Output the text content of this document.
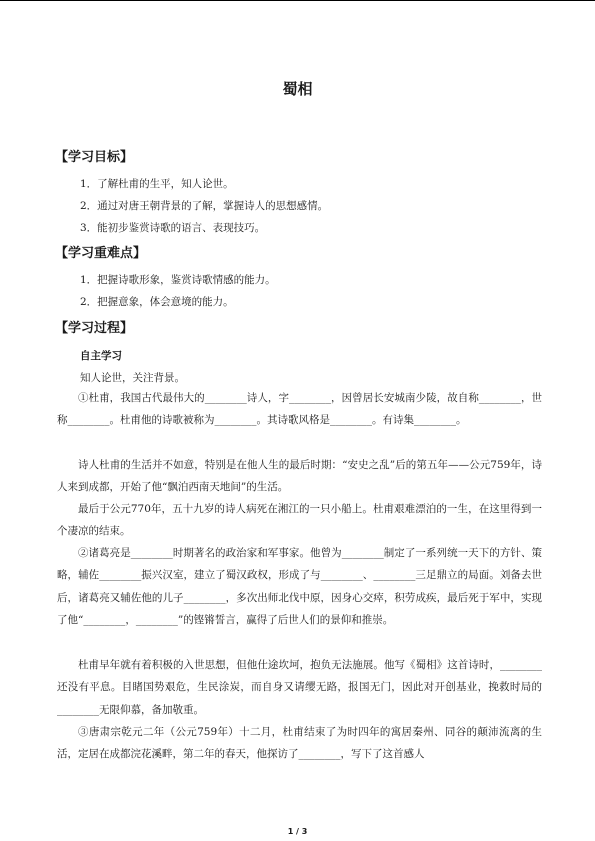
蜀相
【学习目标】
1．了解杜甫的生平，知人论世。
2．通过对唐王朝背景的了解，掌握诗人的思想感情。
3．能初步鉴赏诗歌的语言、表现技巧。
【学习重难点】
1．把握诗歌形象，鉴赏诗歌情感的能力。
2．把握意象，体会意境的能力。
【学习过程】
自主学习
知人论世，关注背景。

①杜甫，我国古代最伟大的________诗人，字________，因曾居长安城南少陵，故自称________，世称________。杜甫他的诗歌被称为________。其诗歌风格是________。有诗集________。

诗人杜甫的生活并不如意，特别是在他人生的最后时期：“安史之乱”后的第五年——公元759年，诗人来到成都，开始了他“飘泊西南天地间”的生活。

最后于公元770年，五十九岁的诗人病死在湘江的一只小船上。杜甫艰难漂泊的一生，在这里得到一个凄凉的结束。

②诸葛亮是________时期著名的政治家和军事家。他曾为________制定了一系列统一天下的方针、策略，辅佐________振兴汉室，建立了蜀汉政权，形成了与________、________三足鼎立的局面。刘备去世后，诸葛亮又辅佐他的儿子________，多次出师北伐中原，因身心交瘁，积劳成疾，最后死于军中，实现了他“________，________”的铿锵誓言，赢得了后世人们的景仰和推崇。

杜甫早年就有着积极的入世思想，但他仕途坎坷，抱负无法施展。他写《蜀相》这首诗时，________还没有平息。目睹国势艰危，生民涂炭，而自身又请缨无路，报国无门，因此对开创基业，挽救时局的________无限仰慕，备加敬重。

③唐肃宗乾元二年（公元759年）十二月，杜甫结束了为时四年的寓居秦州、同谷的颠沛流离的生活，定居在成都浣花溪畔，第二年的春天，他探访了________，写下了这首感人

1 / 3
